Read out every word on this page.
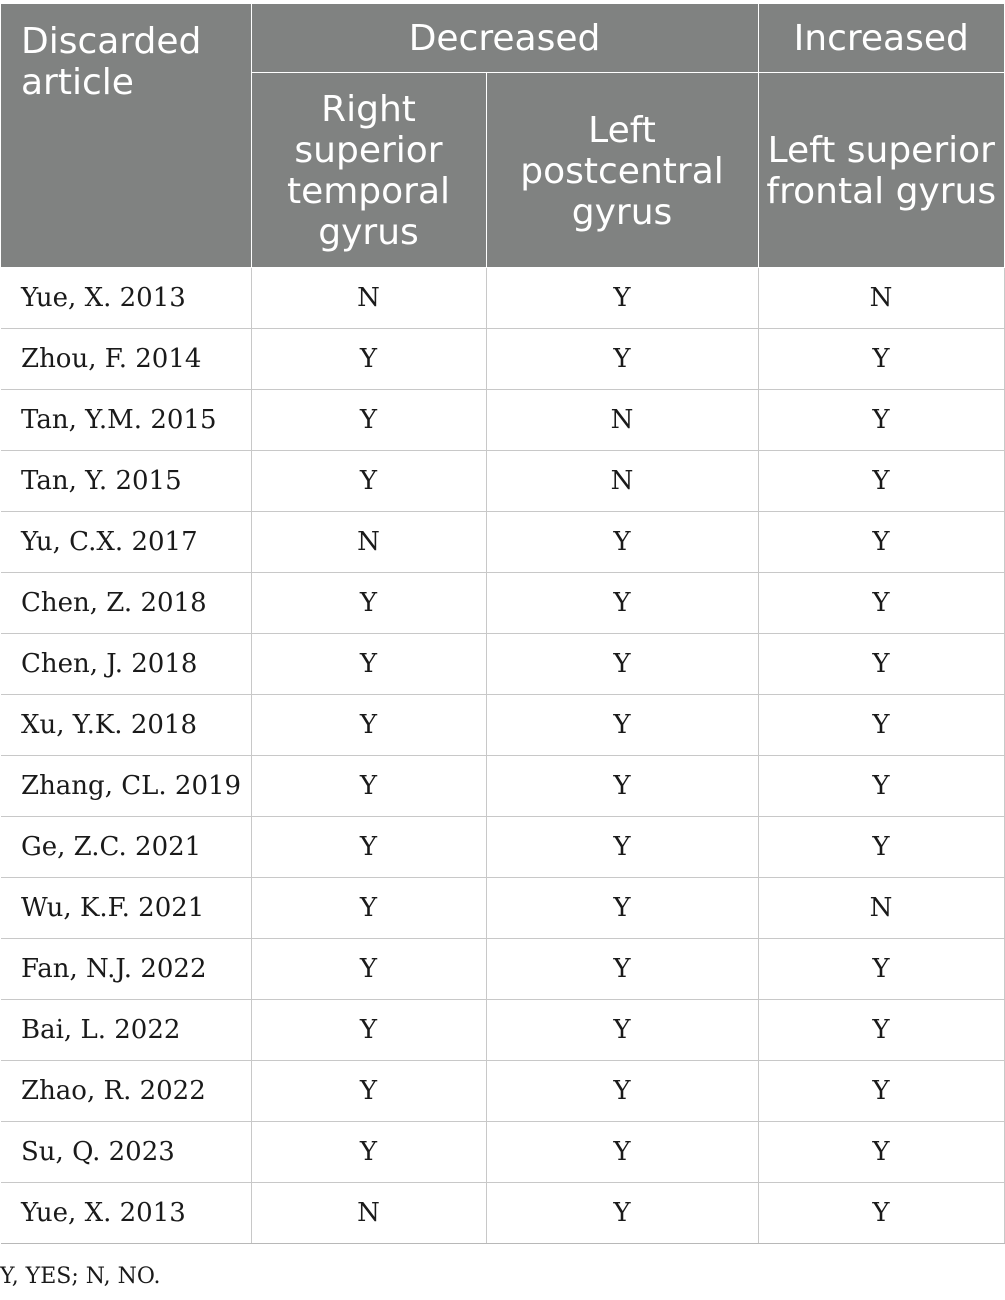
Discarded article	Decreased		Increased
	Right superior temporal gyrus	Left postcentral gyrus	Left superior frontal gyrus
Yue, X. 2013	N	Y	N
Zhou, F. 2014	Y	Y	Y
Tan, Y.M. 2015	Y	N	Y
Tan, Y. 2015	Y	N	Y
Yu, C.X. 2017	N	Y	Y
Chen, Z. 2018	Y	Y	Y
Chen, J. 2018	Y	Y	Y
Xu, Y.K. 2018	Y	Y	Y
Zhang, CL. 2019	Y	Y	Y
Ge, Z.C. 2021	Y	Y	Y
Wu, K.F. 2021	Y	Y	N
Fan, N.J. 2022	Y	Y	Y
Bai, L. 2022	Y	Y	Y
Zhao, R. 2022	Y	Y	Y
Su, Q. 2023	Y	Y	Y
Yue, X. 2013	N	Y	Y
Y, YES; N, NO.
